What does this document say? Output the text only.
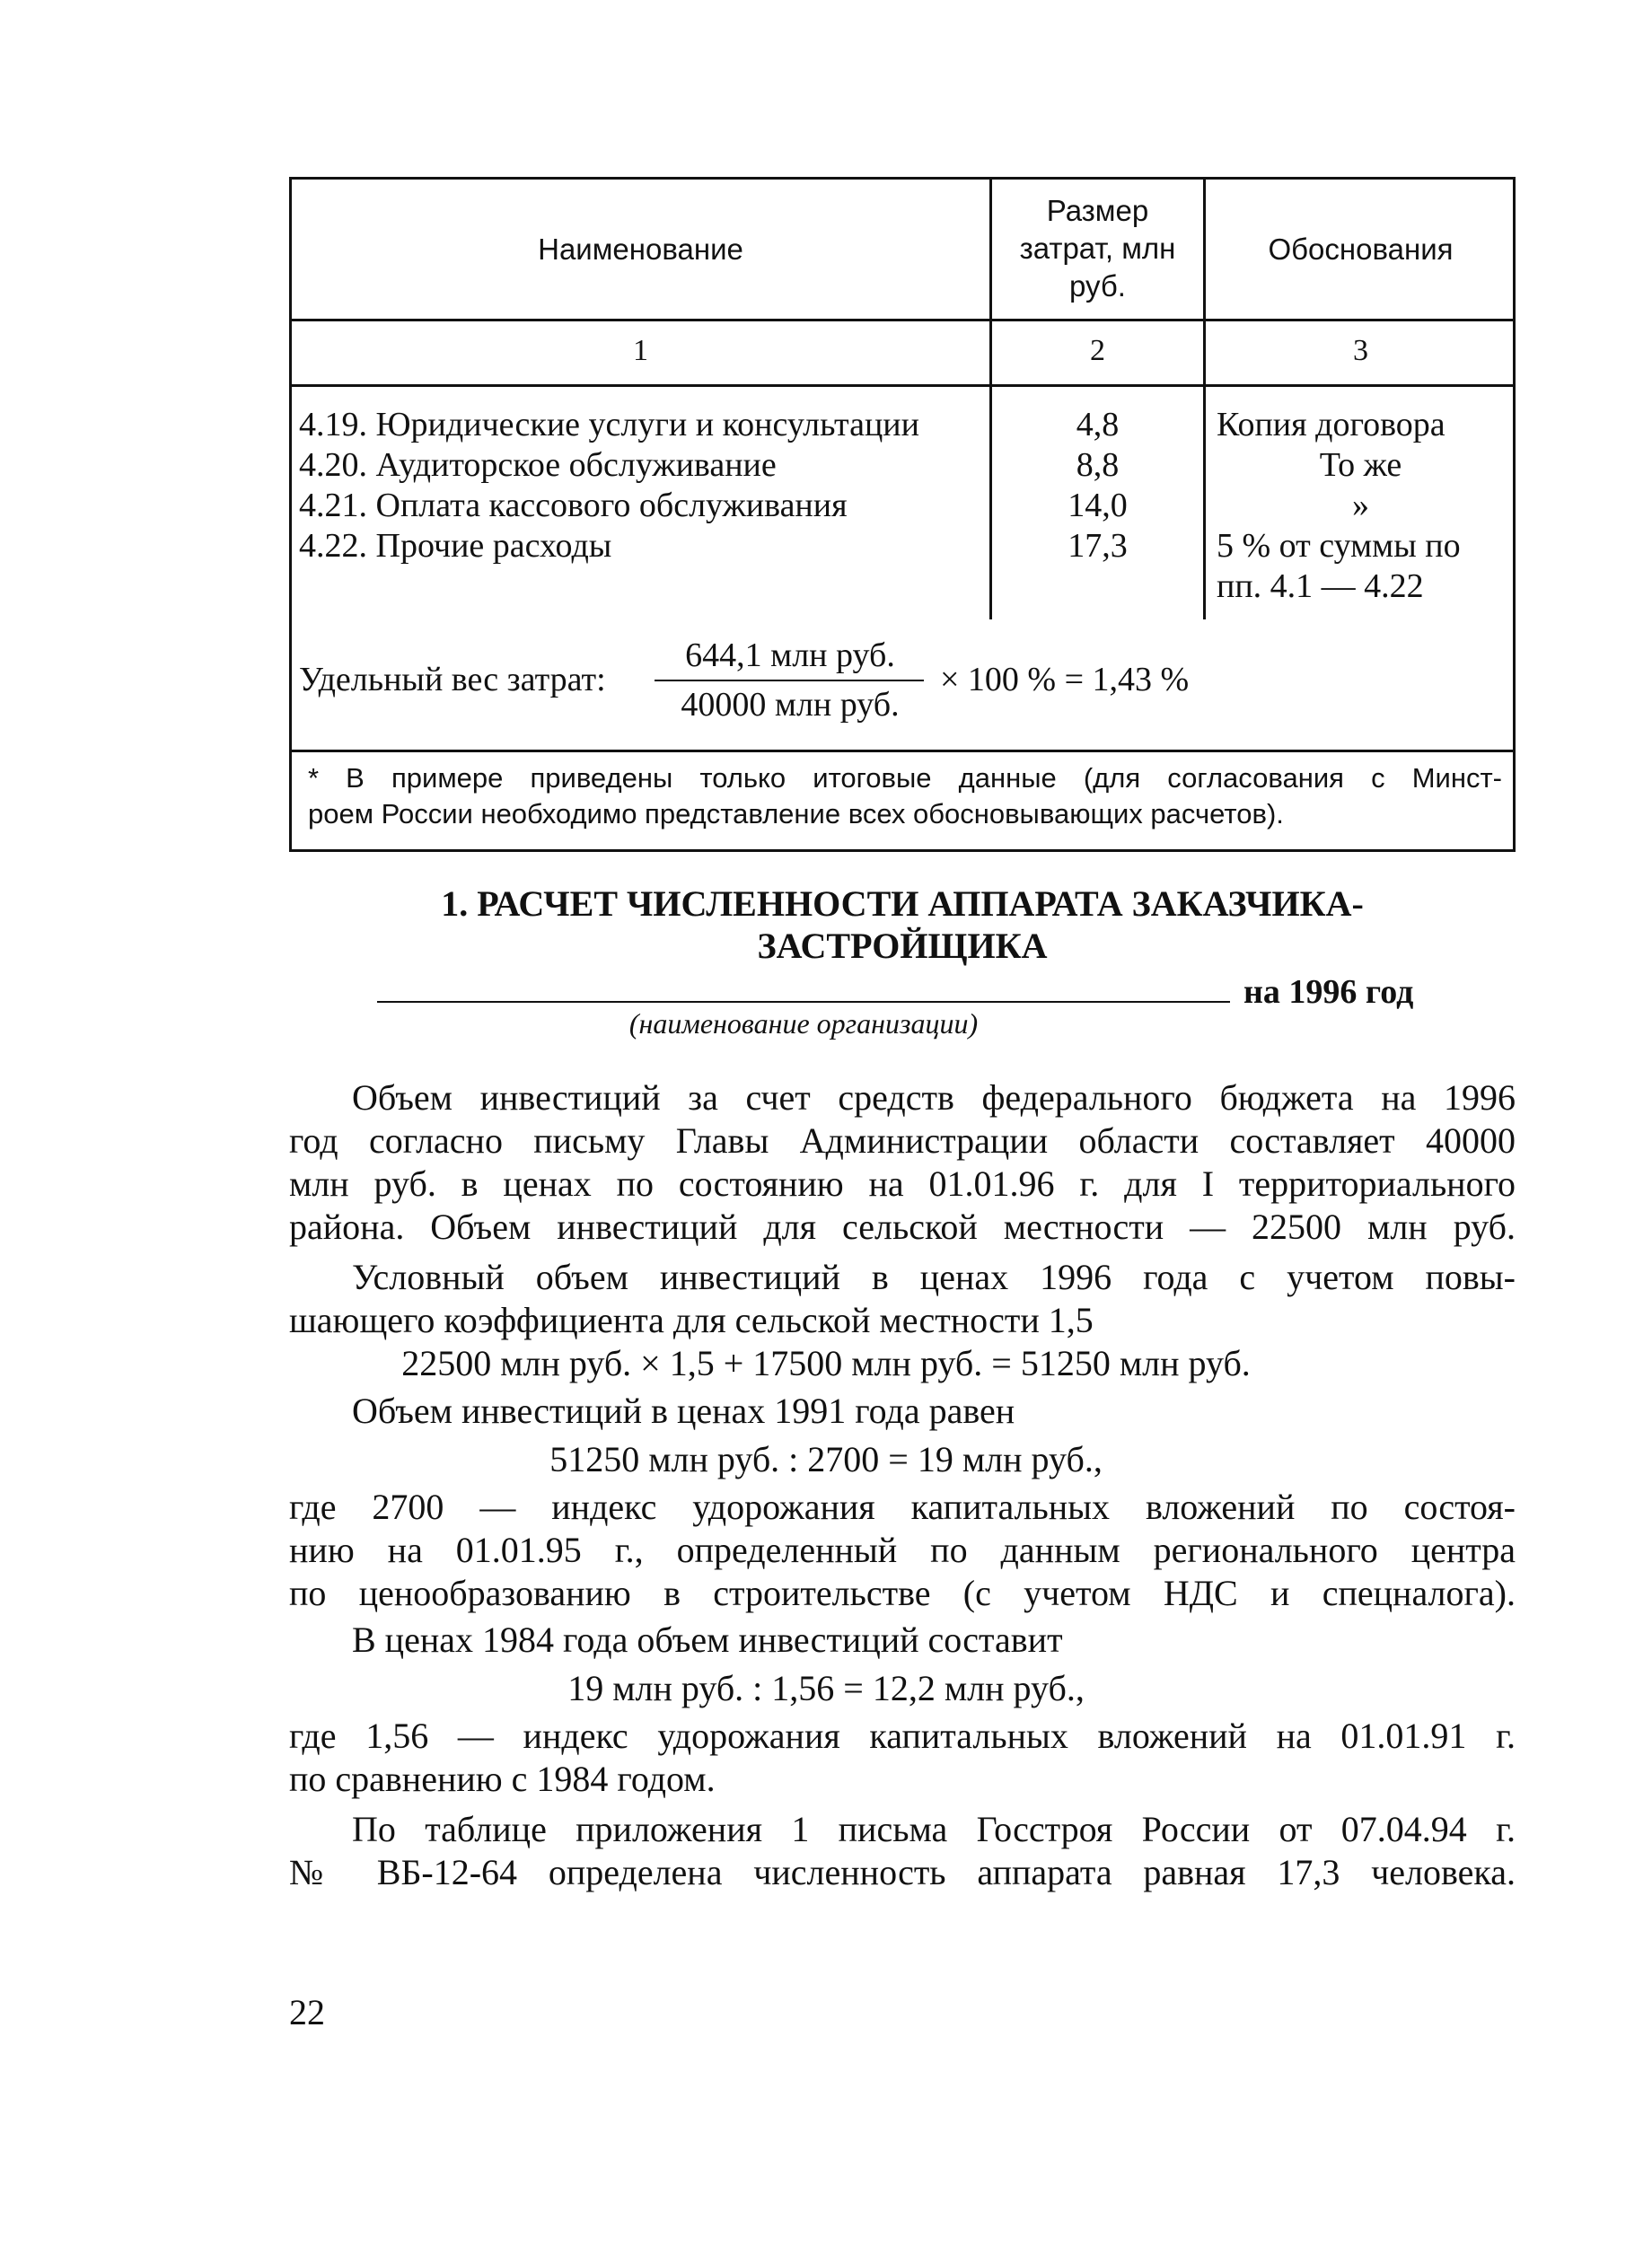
Наименование
Размер
затрат, млн
руб.
Обоснования
1	2	3
4.19. Юридические услуги и консультации
4.20. Аудиторское обслуживание
4.21. Оплата кассового обслуживания
4.22. Прочие расходы
4,8
8,8
14,0
17,3
Копия договора
То же
»
5 % от суммы по
пп. 4.1 — 4.22
Удельный вес затрат:
644,1 млн руб.
40000 млн руб.
× 100 % = 1,43 %
* В примере приведены только итоговые данные (для согласования с Минст-
роем России необходимо представление всех обосновывающих расчетов).
1. РАСЧЕТ ЧИСЛЕННОСТИ АППАРАТА ЗАКАЗЧИКА-
ЗАСТРОЙЩИКА
на 1996 год
(наименование организации)
Объем инвестиций за счет средств федерального бюджета на 1996
год согласно письму Главы Администрации области составляет 40000
млн руб. в ценах по состоянию на 01.01.96 г. для I территориального
района. Объем инвестиций для сельской местности — 22500 млн руб.
Условный объем инвестиций в ценах 1996 года с учетом повы-
шающего коэффициента для сельской местности 1,5
22500 млн руб. × 1,5 + 17500 млн руб. = 51250 млн руб.
Объем инвестиций в ценах 1991 года равен
51250 млн руб. : 2700 = 19 млн руб.,
где 2700 — индекс удорожания капитальных вложений по состоя-
нию на 01.01.95 г., определенный по данным регионального центра
по ценообразованию в строительстве (с учетом НДС и спецналога).
В ценах 1984 года объем инвестиций составит
19 млн руб. : 1,56 = 12,2 млн руб.,
где 1,56 — индекс удорожания капитальных вложений на 01.01.91 г.
по сравнению с 1984 годом.
По таблице приложения 1 письма Госстроя России от 07.04.94 г.
№ ВБ-12-64 определена численность аппарата равная 17,3 человека.
22
